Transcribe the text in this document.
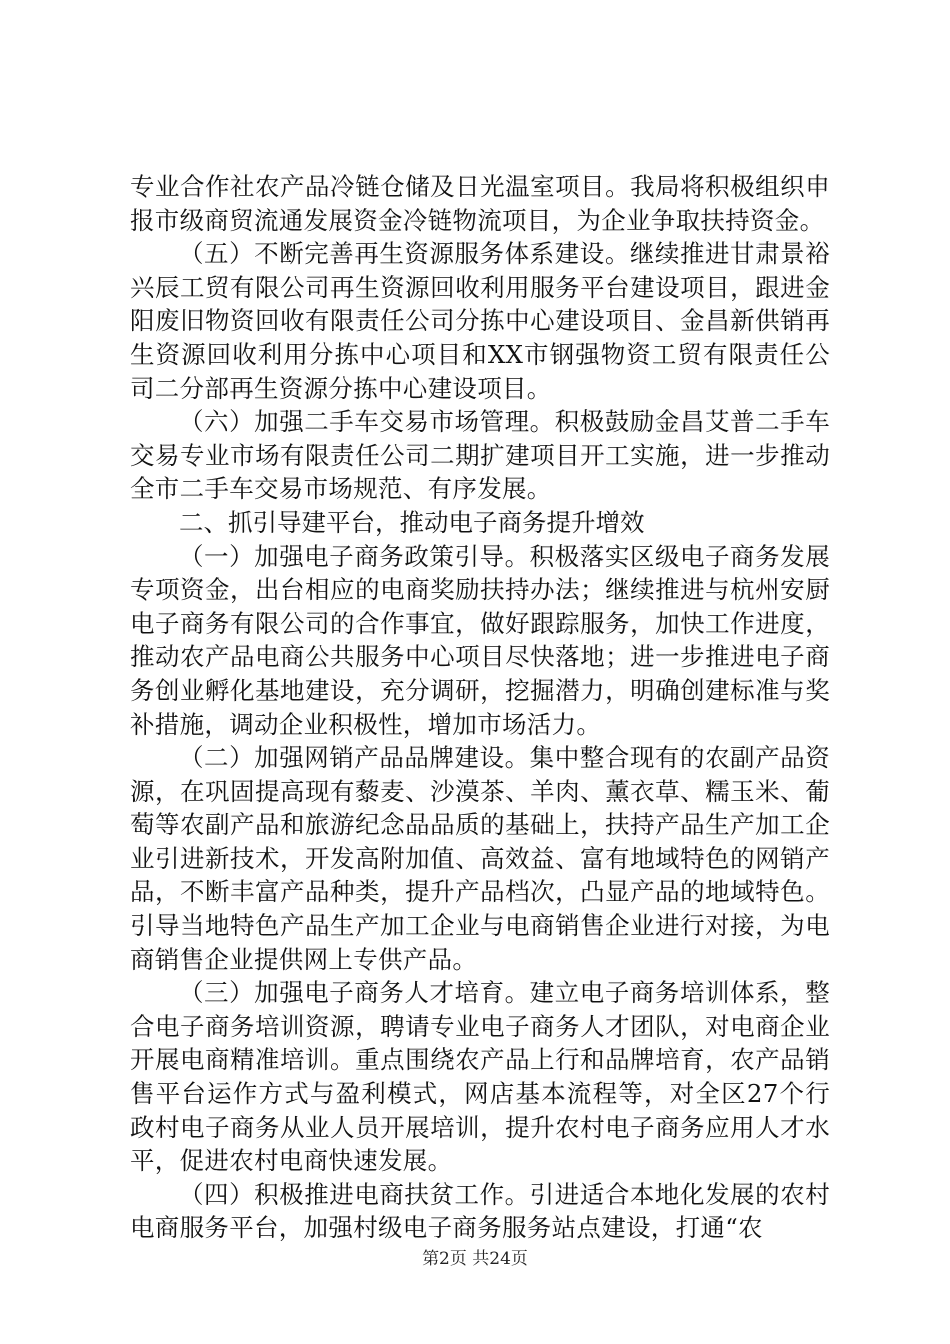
专业合作社农产品冷链仓储及日光温室项目。我局将积极组织申报市级商贸流通发展资金冷链物流项目，为企业争取扶持资金。

（五）不断完善再生资源服务体系建设。继续推进甘肃景裕兴辰工贸有限公司再生资源回收利用服务平台建设项目，跟进金阳废旧物资回收有限责任公司分拣中心建设项目、金昌新供销再生资源回收利用分拣中心项目和XX市钢强物资工贸有限责任公司二分部再生资源分拣中心建设项目。

（六）加强二手车交易市场管理。积极鼓励金昌艾普二手车交易专业市场有限责任公司二期扩建项目开工实施，进一步推动全市二手车交易市场规范、有序发展。

二、抓引导建平台，推动电子商务提升增效

（一）加强电子商务政策引导。积极落实区级电子商务发展专项资金，出台相应的电商奖励扶持办法；继续推进与杭州安厨电子商务有限公司的合作事宜，做好跟踪服务，加快工作进度，推动农产品电商公共服务中心项目尽快落地；进一步推进电子商务创业孵化基地建设，充分调研，挖掘潜力，明确创建标准与奖补措施，调动企业积极性，增加市场活力。

（二）加强网销产品品牌建设。集中整合现有的农副产品资源，在巩固提高现有藜麦、沙漠茶、羊肉、薰衣草、糯玉米、葡萄等农副产品和旅游纪念品品质的基础上，扶持产品生产加工企业引进新技术，开发高附加值、高效益、富有地域特色的网销产品，不断丰富产品种类，提升产品档次，凸显产品的地域特色。引导当地特色产品生产加工企业与电商销售企业进行对接，为电商销售企业提供网上专供产品。

（三）加强电子商务人才培育。建立电子商务培训体系，整合电子商务培训资源，聘请专业电子商务人才团队，对电商企业开展电商精准培训。重点围绕农产品上行和品牌培育，农产品销售平台运作方式与盈利模式，网店基本流程等，对全区27个行政村电子商务从业人员开展培训，提升农村电子商务应用人才水平，促进农村电商快速发展。

（四）积极推进电商扶贫工作。引进适合本地化发展的农村电商服务平台，加强村级电子商务服务站点建设，打通“农

第2页 共24页
